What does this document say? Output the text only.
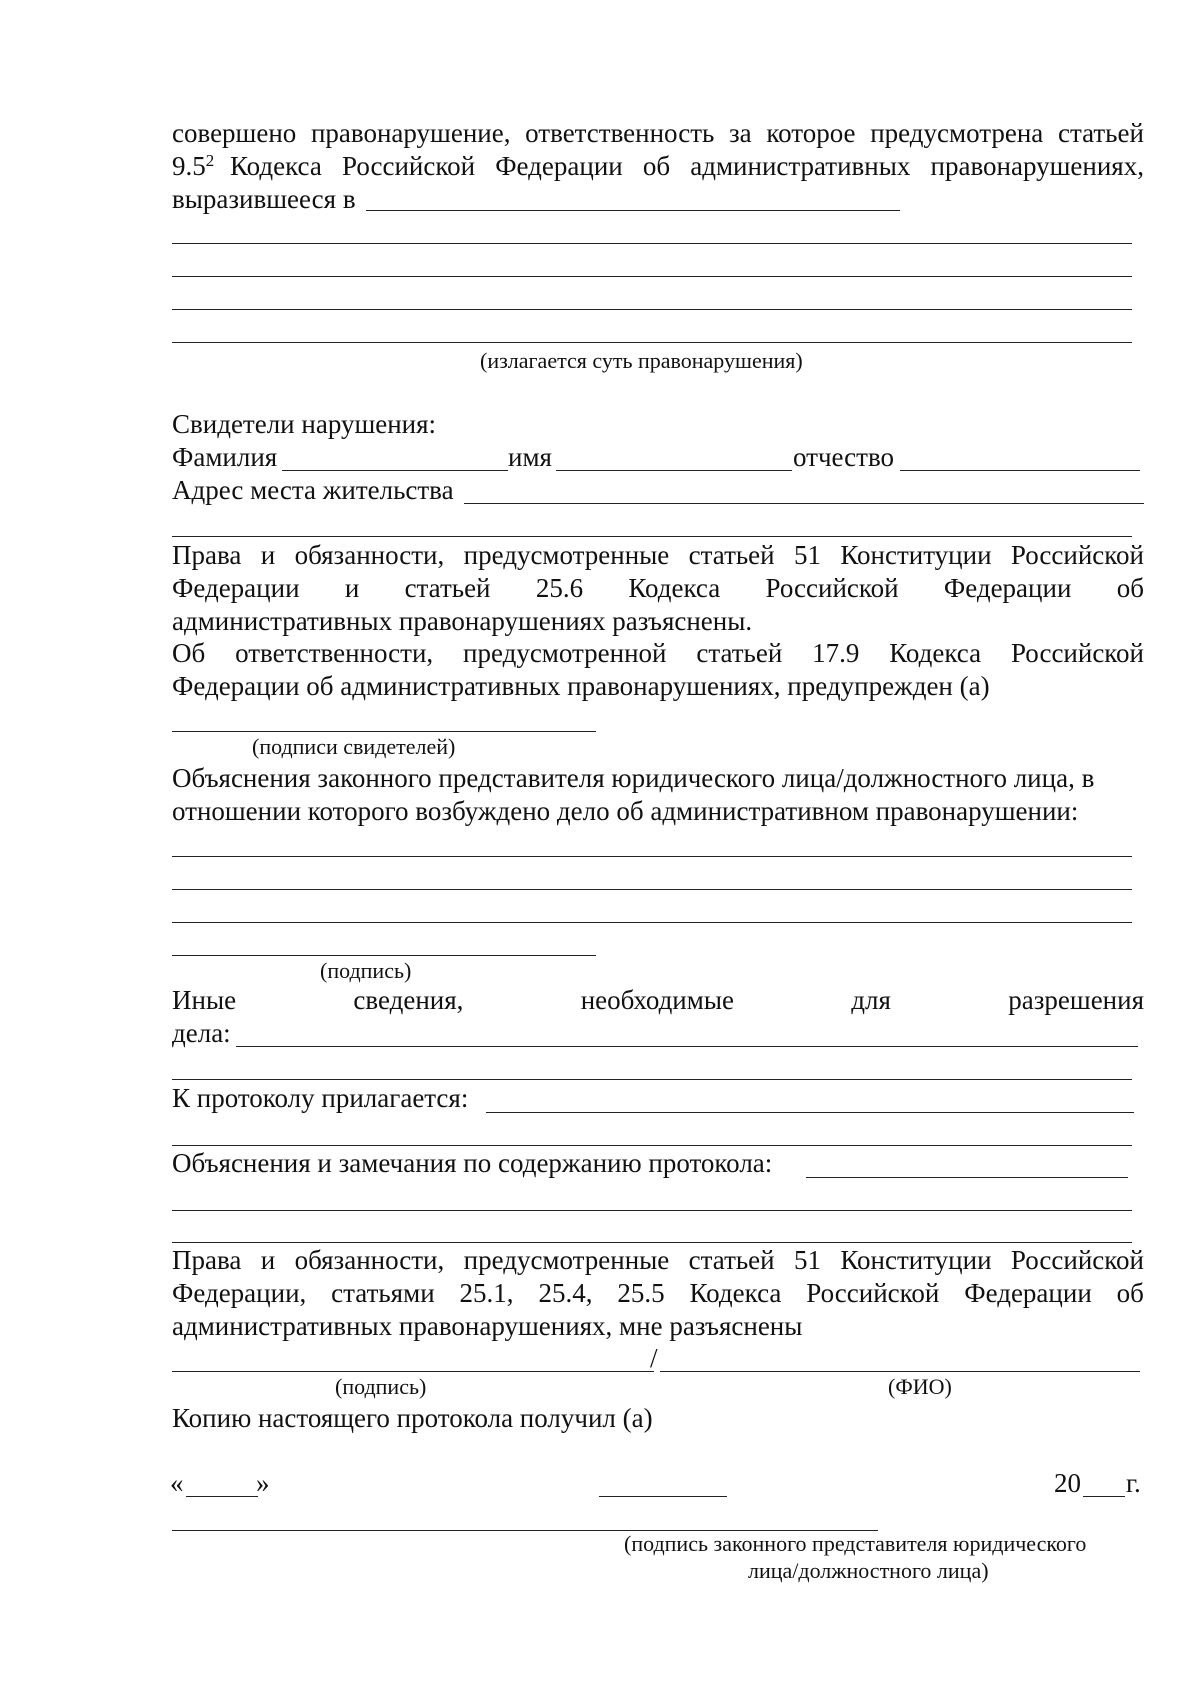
совершено правонарушение, ответственность за которое предусмотрена статьей
$9.5^2$ Кодекса Российской Федерации об административных правонарушениях,
выразившееся в
(излагается суть правонарушения)
Свидетели нарушения:
Фамилия	имя	отчество
Адрес места жительства
Права и обязанности, предусмотренные статьей 51 Конституции Российской
Федерации и статьей 25.6 Кодекса Российской Федерации об
административных правонарушениях разъяснены.
Об ответственности, предусмотренной статьей 17.9 Кодекса Российской
Федерации об административных правонарушениях, предупрежден (а)
(подписи свидетелей)
Объяснения законного представителя юридического лица/должностного лица, в
отношении которого возбуждено дело об административном правонарушении:
(подпись)
Иные	сведения,	необходимые	для	разрешения
дела:
К протоколу прилагается:
Объяснения и замечания по содержанию протокола:
Права и обязанности, предусмотренные статьей 51 Конституции Российской
Федерации, статьями 25.1, 25.4, 25.5 Кодекса Российской Федерации об
административных правонарушениях, мне разъяснены
/
(подпись)	(ФИО)
Копию настоящего протокола получил (а)
«	»	20 г.
(подпись законного представителя юридического
лица/должностного лица)
